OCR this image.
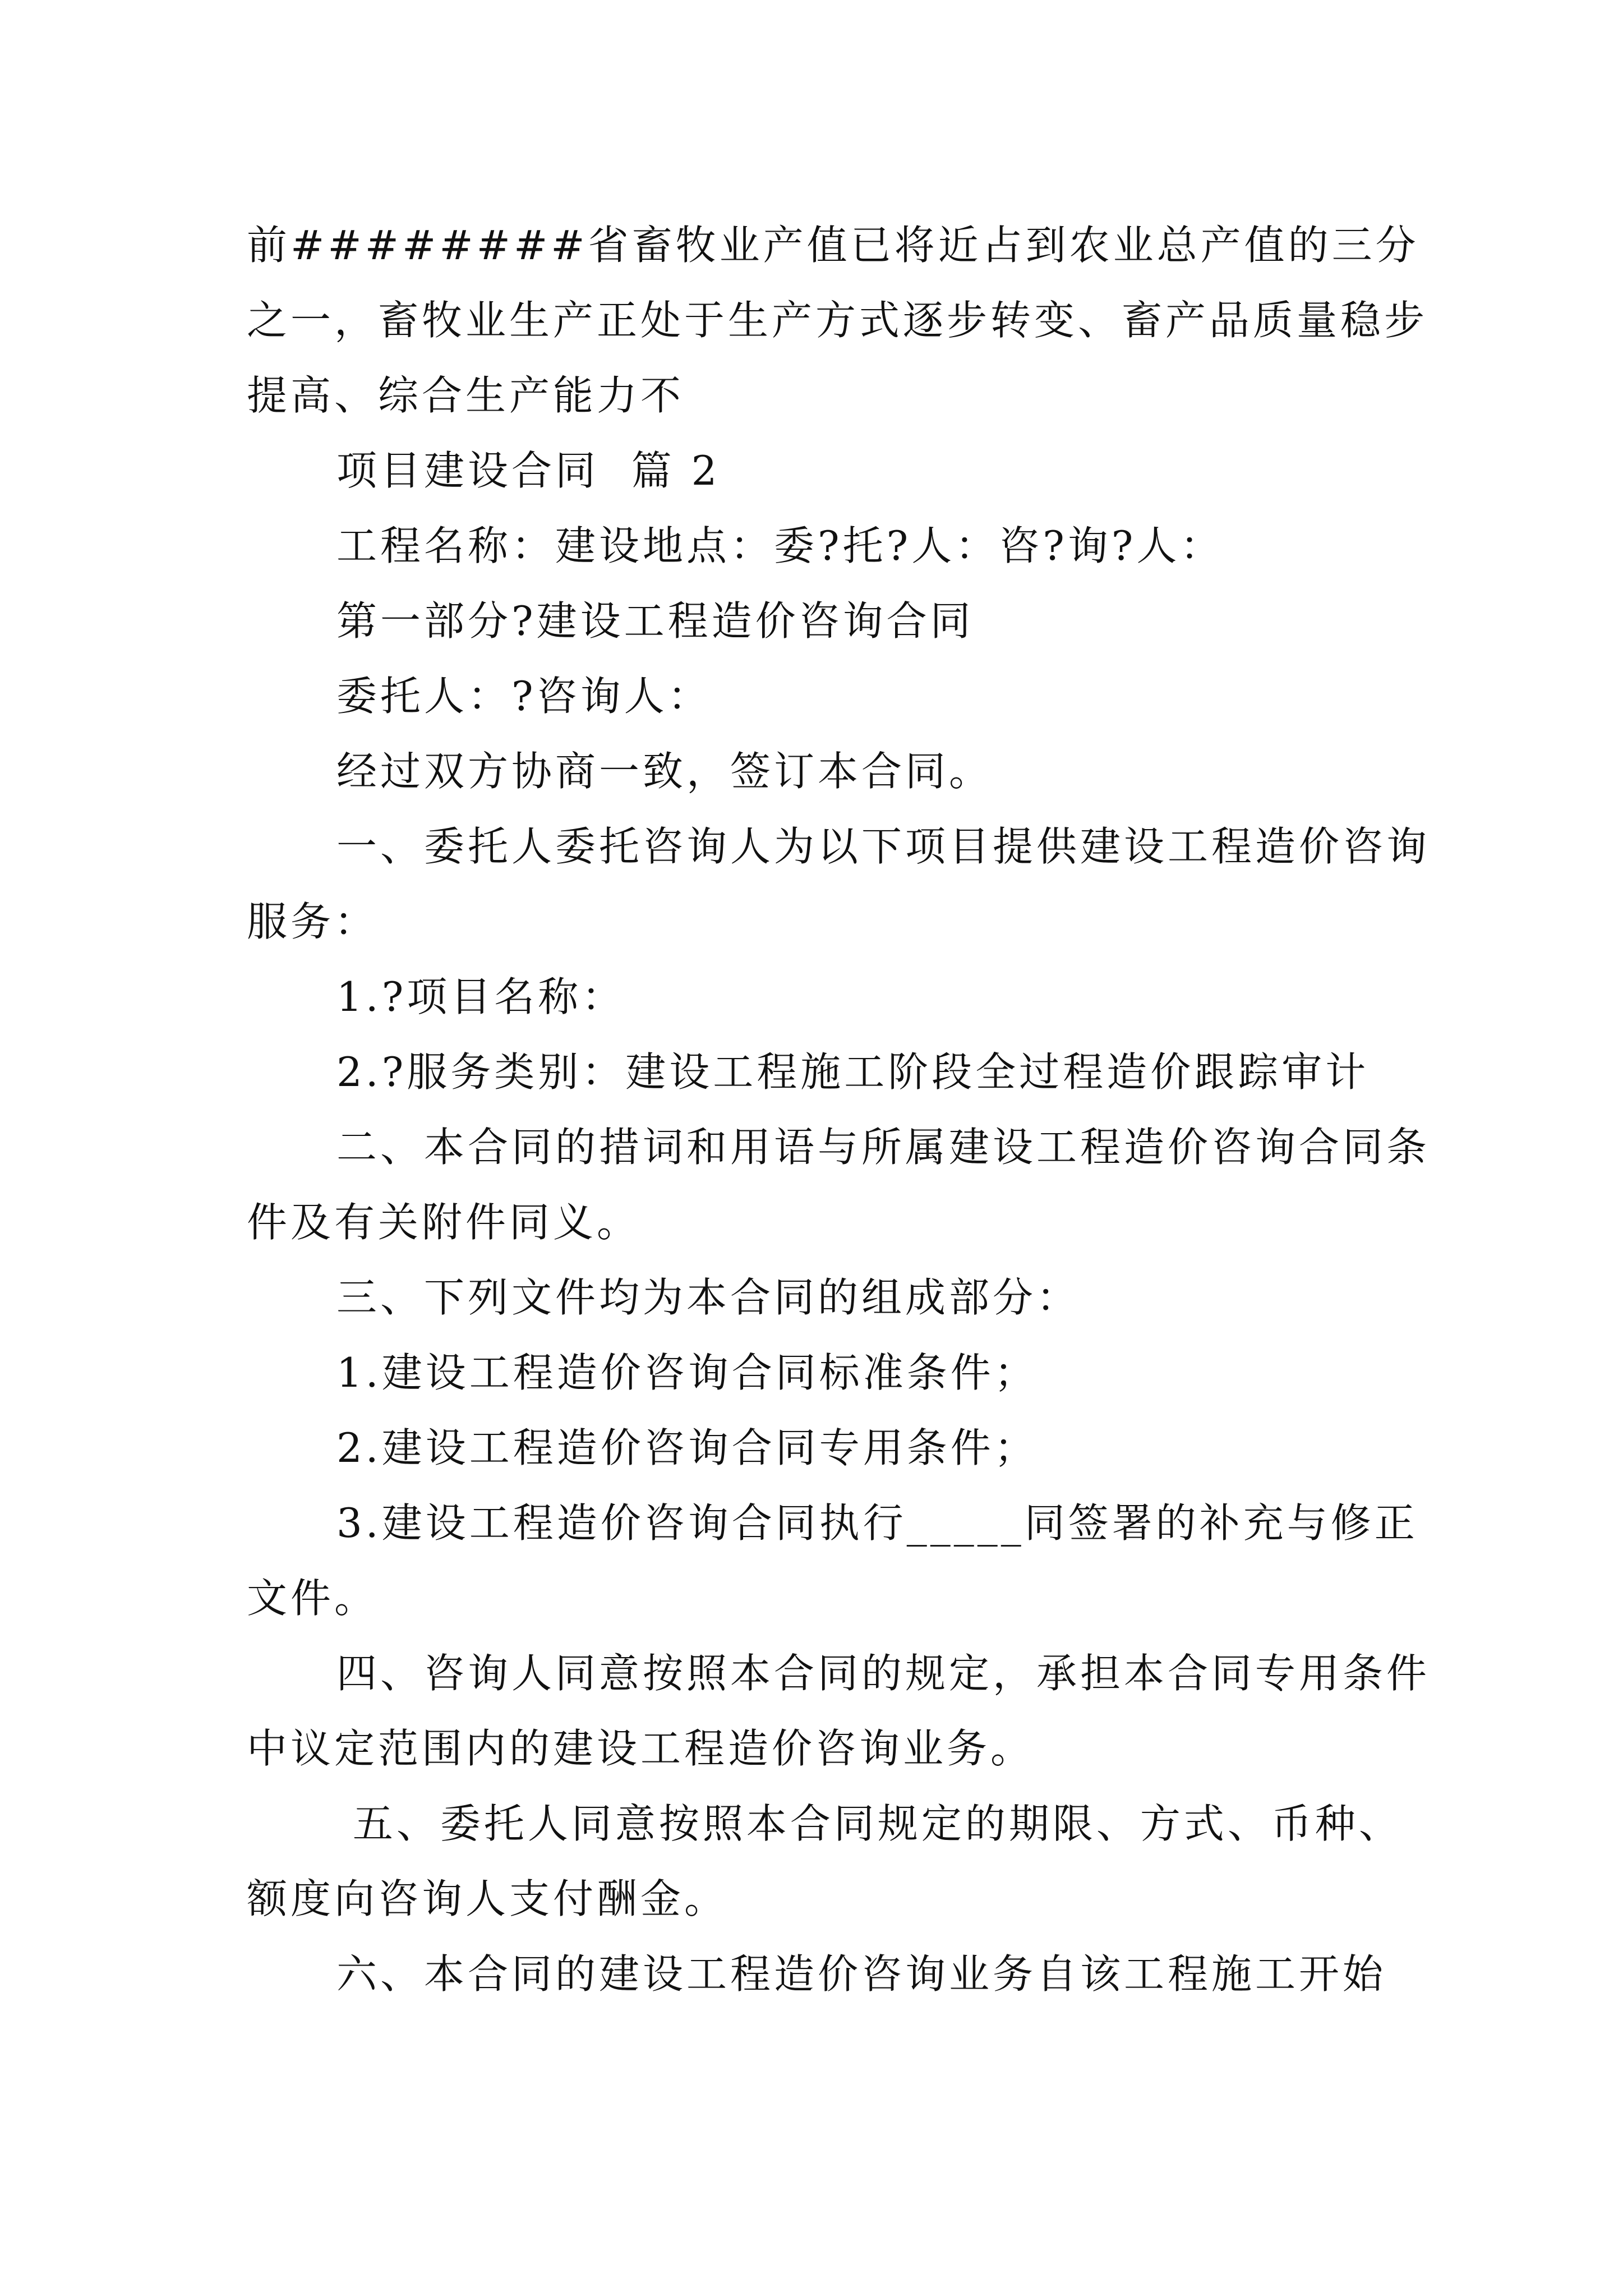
前########省畜牧业产值已将近占到农业总产值的三分之一，畜牧业生产正处于生产方式逐步转变、畜产品质量稳步提高、综合生产能力不

项目建设合同  篇 2

工程名称：建设地点：委?托?人：咨?询?人：

第一部分?建设工程造价咨询合同

委托人：?咨询人：

经过双方协商一致，签订本合同。

一、委托人委托咨询人为以下项目提供建设工程造价咨询服务：

1.?项目名称：

2.?服务类别：建设工程施工阶段全过程造价跟踪审计

二、本合同的措词和用语与所属建设工程造价咨询合同条件及有关附件同义。

三、下列文件均为本合同的组成部分：

1.建设工程造价咨询合同标准条件；

2.建设工程造价咨询合同专用条件；

3.建设工程造价咨询合同执行_____同签署的补充与修正文件。

四、咨询人同意按照本合同的规定，承担本合同专用条件中议定范围内的建设工程造价咨询业务。

五、委托人同意按照本合同规定的期限、方式、币种、额度向咨询人支付酬金。

六、本合同的建设工程造价咨询业务自该工程施工开始
